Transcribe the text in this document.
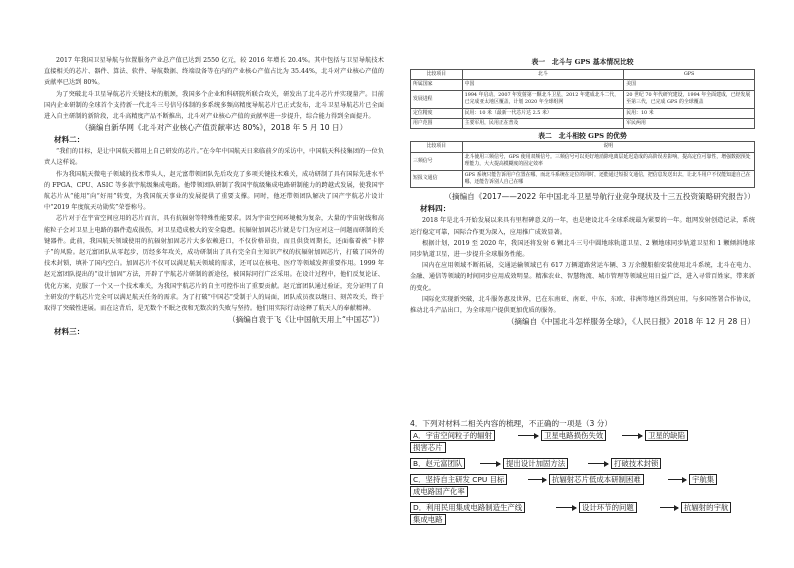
2017 年我国卫星导航与位置服务产业总产值已达到 2550 亿元，较 2016 年增长 20.4%。其中包括与卫星导航技术直接相关的芯片、器件、算法、软件、导航数据、终端设备等在内的产业核心产值占比为 35.44%，北斗对产业核心产值的贡献率已达到 80%。

为了突破北斗卫星导航芯片关键技术的瓶颈，我国多个企业和科研院所联合攻关，研发出了北斗芯片并实现量产。目前国内企业研制的全球首个支持新一代北斗三号信号体制的多系统多频高精度导航芯片已正式发布，北斗卫星导航芯片已全面进入自主研制的新阶段，北斗高精度产品不断推出，北斗对产业核心产值的贡献率进一步提升，综合能力得到全面提升。

（摘编自新华网《北斗对产业核心产值贡献率达 80%》，2018 年 5 月 10 日）

材料二：

“我们的目标，是让中国航天都用上自己研发的芯片。”在今年中国航天日来临前夕的采访中，中国航天科技集团的一位负责人这样说。

作为我国航天微电子领域的技术带头人，赵元富带领团队先后攻克了多项关键技术难关，成功研制了具有国际先进水平的 FPGA、CPU、ASIC 等多款宇航级集成电路。他带领团队研制了我国宇航级集成电路研制能力的跨越式发展，使我国宇航芯片从“能用”向“好用”转变，为我国航天事业的发展提供了重要支撑。同时，他还带领团队解决了国产宇航芯片设计中“2019 年度航天功勋奖”荣誉称号。

芯片对于在宇宙空间应用的芯片而言，具有抗辐射等特殊性能要求。因为宇宙空间环境极为复杂，大量的宇宙射线和高能粒子会对卫星上电路的器件造成损伤，对卫星造成极大的安全隐患。抗辐射加固芯片就是专门为应对这一问题而研制的关键器件。此前，我国航天领域使用的抗辐射加固芯片大多依赖进口，不仅价格昂贵，而且供货周期长，还面临着被“卡脖子”的风险。赵元富团队从零起步，历经多年攻关，成功研制出了具有完全自主知识产权的抗辐射加固芯片，打破了国外的技术封锁，填补了国内空白。加固芯片不仅可以满足航天领域的需求，还可以在核电、医疗等领域发挥重要作用。1999 年赵元富团队提出的“设计加固”方法，开辟了宇航芯片研制的新途径，被国际同行广泛采用。在设计过程中，他们反复论证、优化方案，克服了一个又一个技术难关，为我国宇航芯片的自主可控作出了重要贡献。赵元富团队通过验证，充分证明了自主研发的宇航芯片完全可以满足航天任务的需求。为了打破“中国芯”受制于人的局面，团队成员夜以继日、刻苦攻关，终于取得了突破性进展。而在这背后，是无数个不眠之夜和无数次的失败与坚持。他们用实际行动诠释了航天人的奉献精神。

（摘编自袁于飞《让中国航天用上“中国芯”》）

材料三：

表一　北斗与 GPS 基本情况比较

比较项目	北斗	GPS
所属国家	中国	美国
发展进程	1994 年启动，2007 年发射第一颗北斗卫星，2012 年建成北斗二代，已完成亚太地区覆盖，计划 2020 年全球组网	20 世纪 70 年代研究建设，1994 年全面建成，已经发展至第三代，已完成 GPS 的全球覆盖
定位精度	民用：10 米（最新一代芯片达 2.5 米）	民用：10 米
用户范围	主要军用，民用正在普及	军民两用

表二　北斗相较 GPS 的优势

比较项目	说明
三频信号	北斗使用三频信号，GPS 使用双频信号。三频信号可以更好地消除电离层延迟造成的高阶误差影响，提高定位可靠性，增强数据预处理能力，大大提高模糊度的固定效率
短报文通信	GPS 系统只能告诉用户位置在哪，而北斗系统在定位的同时，还能通过短报文通信，把信息发送出去，让北斗用户不仅能知道自己在哪，还能告诉别人自己在哪

（摘编自《2017——2022 年中国北斗卫星导航行业竞争现状及十三五投资策略研究报告》）

材料四：

2018 年是北斗开始发展以来具有里程碑意义的一年，也是建设北斗全球系统最为紧要的一年。组网发射创造记录，系统运行稳定可靠，国际合作更为深入，应用推广成效显著。

根据计划，2019 至 2020 年，我国还将发射 6 颗北斗三号中圆地球轨道卫星、2 颗地球同步轨道卫星和 1 颗倾斜地球同步轨道卫星，进一步提升全球服务性能。

国内在应用领域不断拓展，交通运输领域已有 617 万辆道路营运车辆、3 万余艘船舶安装使用北斗系统，北斗在电力、金融、通信等领域的时间同步应用成效明显。精准农业、智慧物流、城市管理等领域应用日益广泛，进入寻常百姓家，带来新的变化。

国际化实现新突破，北斗服务惠及世界，已在东南亚、南亚、中东、东欧、非洲等地区得到应用，与多国签署合作协议，推动北斗产品出口，为全球用户提供更加优质的服务。

（摘编自《中国北斗怎样服务全球》，《人民日报》2018 年 12 月 28 日）

4．下列对材料二相关内容的梳理，不正确的一项是（3 分）
A．宇宙空间粒子的辐射	卫星电路损伤失效	卫星的缺陷
损害芯片
B．赵元富团队	提出设计加固方法	打破技术封锁
C．坚持自主研发 CPU 目标	抗辐射芯片低成本研制困难	宇航集
成电路国产化率
D．利用民用集成电路制造生产线	设计环节的问题	抗辐射的宇航
集成电路
